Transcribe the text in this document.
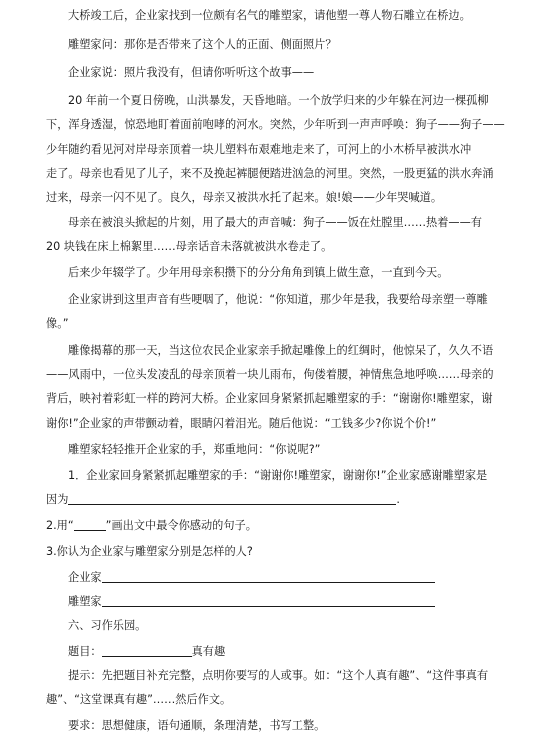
大桥竣工后，企业家找到一位颇有名气的雕塑家，请他塑一尊人物石雕立在桥边。
雕塑家问：那你是否带来了这个人的正面、侧面照片？
企业家说：照片我没有，但请你听听这个故事——
20 年前一个夏日傍晚，山洪暴发，天昏地暗。一个放学归来的少年躲在河边一棵孤柳
下，浑身透湿，惊恐地盯着面前咆哮的河水。突然，少年听到一声声呼唤：狗子——狗子——
少年随约看见河对岸母亲顶着一块儿塑料布艰难地走来了，可河上的小木桥早被洪水冲
走了。母亲也看见了儿子，来不及挽起裤腿便踏进汹急的河里。突然，一股更猛的洪水奔涌
过来，母亲一闪不见了。良久，母亲又被洪水托了起来。娘!娘——少年哭喊道。
母亲在被浪头掀起的片刻，用了最大的声音喊：狗子——饭在灶膛里……热着——有
20 块钱在床上棉絮里……母亲话音未落就被洪水卷走了。
后来少年辍学了。少年用母亲积攒下的分分角角到镇上做生意，一直到今天。
企业家讲到这里声音有些哽咽了，他说：“你知道，那少年是我，我要给母亲塑一尊雕
像。”
雕像揭幕的那一天，当这位农民企业家亲手掀起雕像上的红绸时，他惊呆了，久久不语
——风雨中，一位头发凌乱的母亲顶着一块儿雨布，佝偻着腰，神情焦急地呼唤……母亲的
背后，映衬着彩虹一样的跨河大桥。企业家回身紧紧抓起雕塑家的手：“谢谢你!雕塑家，谢
谢你!”企业家的声带颤动着，眼睛闪着泪光。随后他说：“工钱多少?你说个价!”
雕塑家轻轻推开企业家的手，郑重地问：“你说呢?”
1．企业家回身紧紧抓起雕塑家的手：“谢谢你!雕塑家，谢谢你!”企业家感谢雕塑家是
因为	.
2.用“	”画出文中最令你感动的句子。
3.你认为企业家与雕塑家分别是怎样的人?
企业家
雕塑家
六、习作乐园。
题目：	真有趣
提示：先把题目补充完整，点明你要写的人或事。如：“这个人真有趣”、“这件事真有
趣”、“这堂课真有趣”……然后作文。
要求：思想健康，语句通顺，条理清楚，书写工整。
